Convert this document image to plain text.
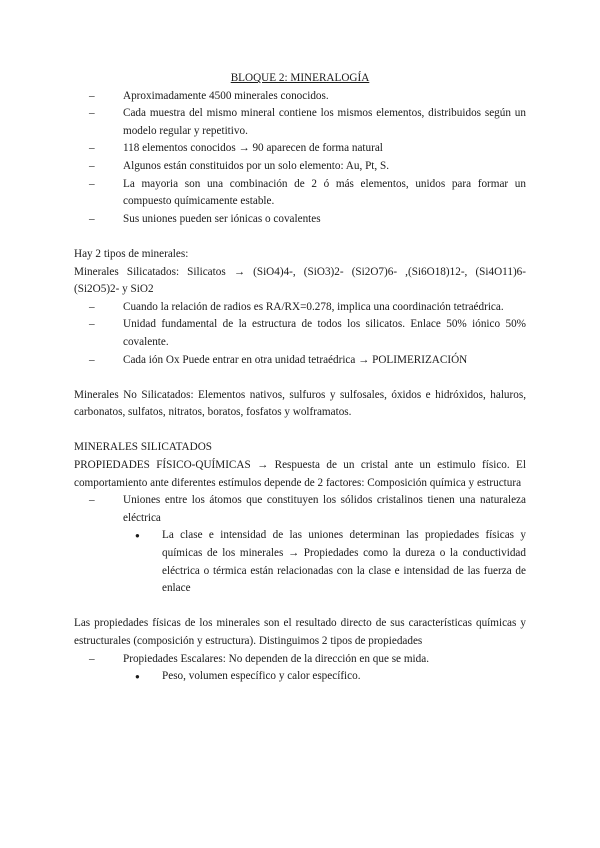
BLOQUE 2: MINERALOGÍA
– Aproximadamente 4500 minerales conocidos.
– Cada muestra del mismo mineral contiene los mismos elementos, distribuidos según un modelo regular y repetitivo.
– 118 elementos conocidos → 90 aparecen de forma natural
– Algunos están constituidos por un solo elemento: Au, Pt, S.
– La mayoria son una combinación de 2 ó más elementos, unidos para formar un compuesto químicamente estable.
– Sus uniones pueden ser iónicas o covalentes

Hay 2 tipos de minerales:

Minerales Silicatados: Silicatos → (SiO4)4-, (SiO3)2- (Si2O7)6- ,(Si6O18)12-, (Si4O11)6- (Si2O5)2- y SiO2

– Cuando la relación de radios es RA/RX=0.278, implica una coordinación tetraédrica.
– Unidad fundamental de la estructura de todos los silicatos. Enlace 50% iónico 50% covalente.
– Cada ión Ox Puede entrar en otra unidad tetraédrica → POLIMERIZACIÓN

Minerales No Silicatados: Elementos nativos, sulfuros y sulfosales, óxidos e hidróxidos, haluros, carbonatos, sulfatos, nitratos, boratos, fosfatos y wolframatos.

MINERALES SILICATADOS

PROPIEDADES FÍSICO-QUÍMICAS → Respuesta de un cristal ante un estimulo físico. El comportamiento ante diferentes estímulos depende de 2 factores: Composición química y estructura

– Uniones entre los átomos que constituyen los sólidos cristalinos tienen una naturaleza eléctrica
● La clase e intensidad de las uniones determinan las propiedades físicas y químicas de los minerales → Propiedades como la dureza o la conductividad eléctrica o térmica están relacionadas con la clase e intensidad de las fuerza de enlace

Las propiedades físicas de los minerales son el resultado directo de sus características químicas y estructurales (composición y estructura). Distinguimos 2 tipos de propiedades

– Propiedades Escalares: No dependen de la dirección en que se mida.
● Peso, volumen específico y calor específico.
